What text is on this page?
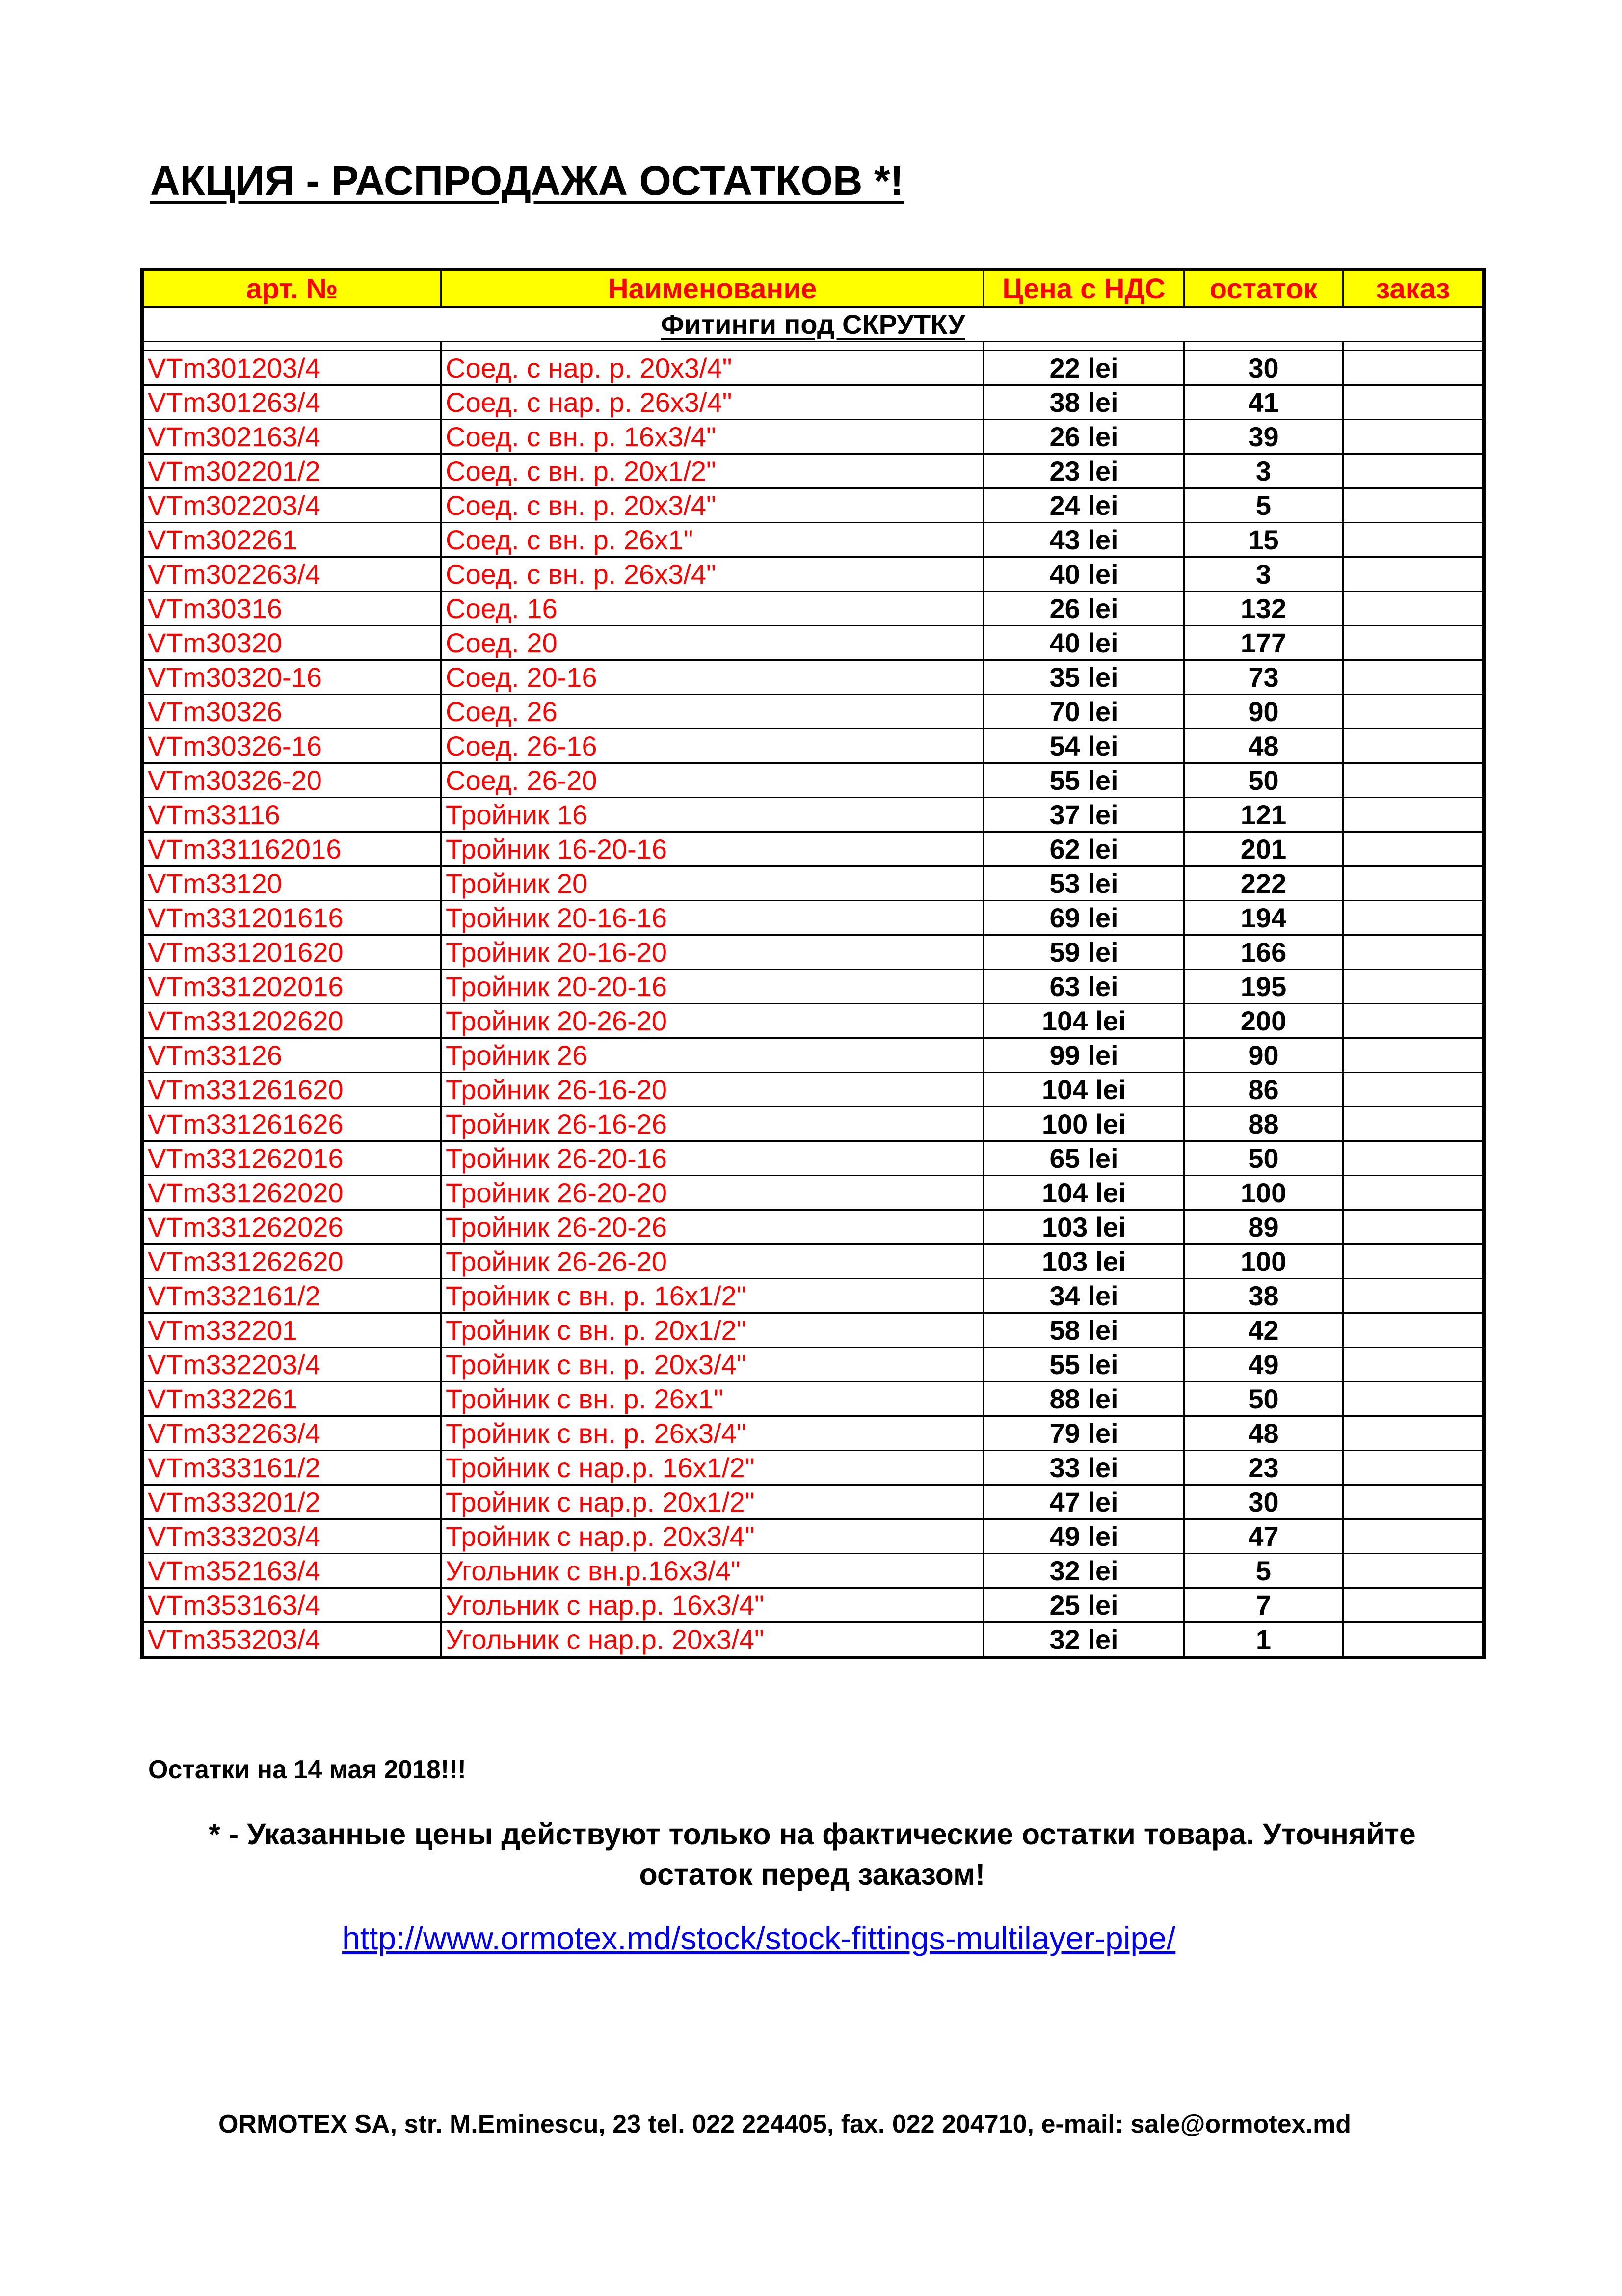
АКЦИЯ - РАСПРОДАЖА ОСТАТКОВ *!
арт. №	Наименование	Цена с НДС	остаток	заказ
Фитинги под СКРУТКУ				

VTm301203/4	Соед. с нар. р. 20x3/4"	22 lei	30	
VTm301263/4	Соед. с нар. р. 26x3/4"	38 lei	41	
VTm302163/4	Соед. с вн. р. 16x3/4"	26 lei	39	
VTm302201/2	Соед. с вн. р. 20x1/2"	23 lei	3	
VTm302203/4	Соед. с вн. р. 20x3/4"	24 lei	5	
VTm302261	Соед. с вн. р. 26x1"	43 lei	15	
VTm302263/4	Соед. с вн. р. 26x3/4"	40 lei	3	
VTm30316	Соед. 16	26 lei	132	
VTm30320	Соед. 20	40 lei	177	
VTm30320-16	Соед. 20-16	35 lei	73	
VTm30326	Соед. 26	70 lei	90	
VTm30326-16	Соед. 26-16	54 lei	48	
VTm30326-20	Соед. 26-20	55 lei	50	
VTm33116	Тройник 16	37 lei	121	
VTm331162016	Тройник 16-20-16	62 lei	201	
VTm33120	Тройник 20	53 lei	222	
VTm331201616	Тройник 20-16-16	69 lei	194	
VTm331201620	Тройник 20-16-20	59 lei	166	
VTm331202016	Тройник 20-20-16	63 lei	195	
VTm331202620	Тройник 20-26-20	104 lei	200	
VTm33126	Тройник 26	99 lei	90	
VTm331261620	Тройник 26-16-20	104 lei	86	
VTm331261626	Тройник 26-16-26	100 lei	88	
VTm331262016	Тройник 26-20-16	65 lei	50	
VTm331262020	Тройник 26-20-20	104 lei	100	
VTm331262026	Тройник 26-20-26	103 lei	89	
VTm331262620	Тройник 26-26-20	103 lei	100	
VTm332161/2	Тройник с вн. р. 16x1/2"	34 lei	38	
VTm332201	Тройник с вн. р. 20x1/2"	58 lei	42	
VTm332203/4	Тройник с вн. р. 20x3/4"	55 lei	49	
VTm332261	Тройник с вн. р. 26x1"	88 lei	50	
VTm332263/4	Тройник с вн. р. 26x3/4"	79 lei	48	
VTm333161/2	Тройник с нар.р. 16x1/2"	33 lei	23	
VTm333201/2	Тройник с нар.р. 20x1/2"	47 lei	30	
VTm333203/4	Тройник с нар.р. 20x3/4"	49 lei	47	
VTm352163/4	Угольник с вн.р.16x3/4"	32 lei	5	
VTm353163/4	Угольник с нар.р. 16x3/4"	25 lei	7	
VTm353203/4	Угольник с нар.р. 20x3/4"	32 lei	1	
Остатки на 14 мая 2018!!!
* - Указанные цены действуют только на фактические остатки товара. Уточняйте остаток перед заказом!
http://www.ormotex.md/stock/stock-fittings-multilayer-pipe/
ORMOTEX SA, str. M.Eminescu, 23 tel. 022 224405, fax. 022 204710, e-mail: sale@ormotex.md
